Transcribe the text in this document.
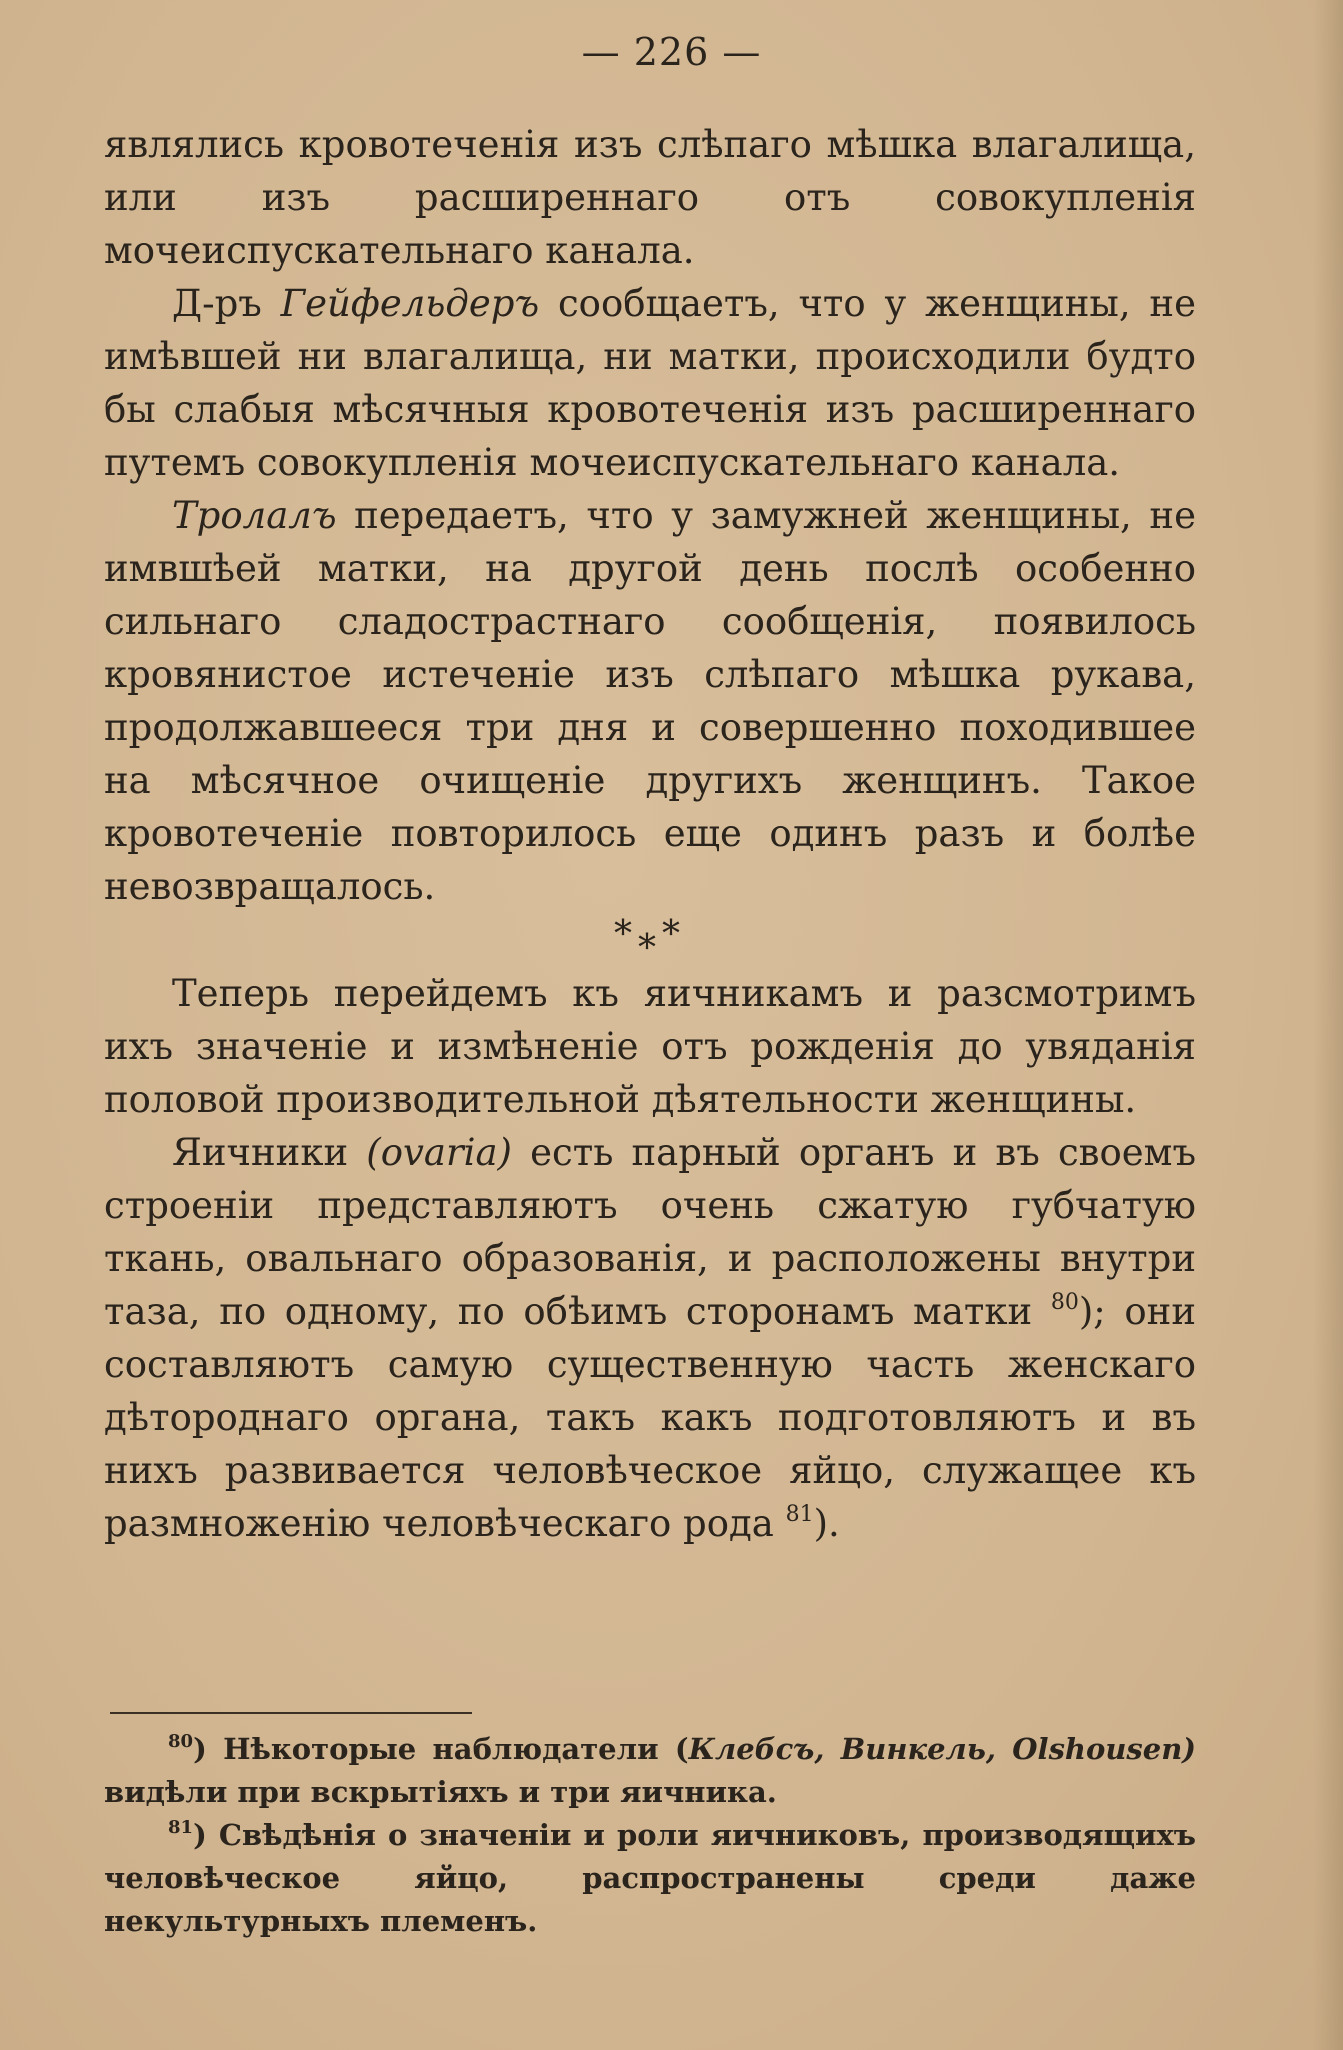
— 226 —

являлись кровотеченія изъ слѣпаго мѣшка влагалища, или изъ расширеннаго отъ совокупленія мочеиспускательнаго канала.

Д-ръ Гейфельдеръ сообщаетъ, что у женщины, не имѣвшей ни влагалища, ни матки, происходили будто бы слабыя мѣсячныя кровотеченія изъ расширеннаго путемъ совокупленія мочеиспускательнаго канала.

Тролалъ передаетъ, что у замужней женщины, не имвшѣей матки, на другой день послѣ особенно сильнаго сладострастнаго сообщенія, появилось кровянистое истеченіе изъ слѣпаго мѣшка рукава, продолжавшееся три дня и совершенно походившее на мѣсячное очищеніе другихъ женщинъ. Такое кровотеченіе повторилось еще одинъ разъ и болѣе невозвращалось.

***

Теперь перейдемъ къ яичникамъ и разсмотримъ ихъ значеніе и измѣненіе отъ рожденія до увяданія половой производительной дѣятельности женщины.

Яичники (ovaria) есть парный органъ и въ своемъ строеніи представляютъ очень сжатую губчатую ткань, овальнаго образованія, и расположены внутри таза, по одному, по обѣимъ сторонамъ матки $^{80}$); они составляютъ самую существенную часть женскаго дѣтороднаго органа, такъ какъ подготовляютъ и въ нихъ развивается человѣческое яйцо, служащее къ размноженію человѣческаго рода $^{81}$).

$^{80}$) Нѣкоторые наблюдатели (Клебсъ, Винкель, Olshousen) видѣли при вскрытіяхъ и три яичника.

$^{81}$) Свѣдѣнія о значеніи и роли яичниковъ, производящихъ человѣческое яйцо, распространены среди даже некультурныхъ племенъ.
